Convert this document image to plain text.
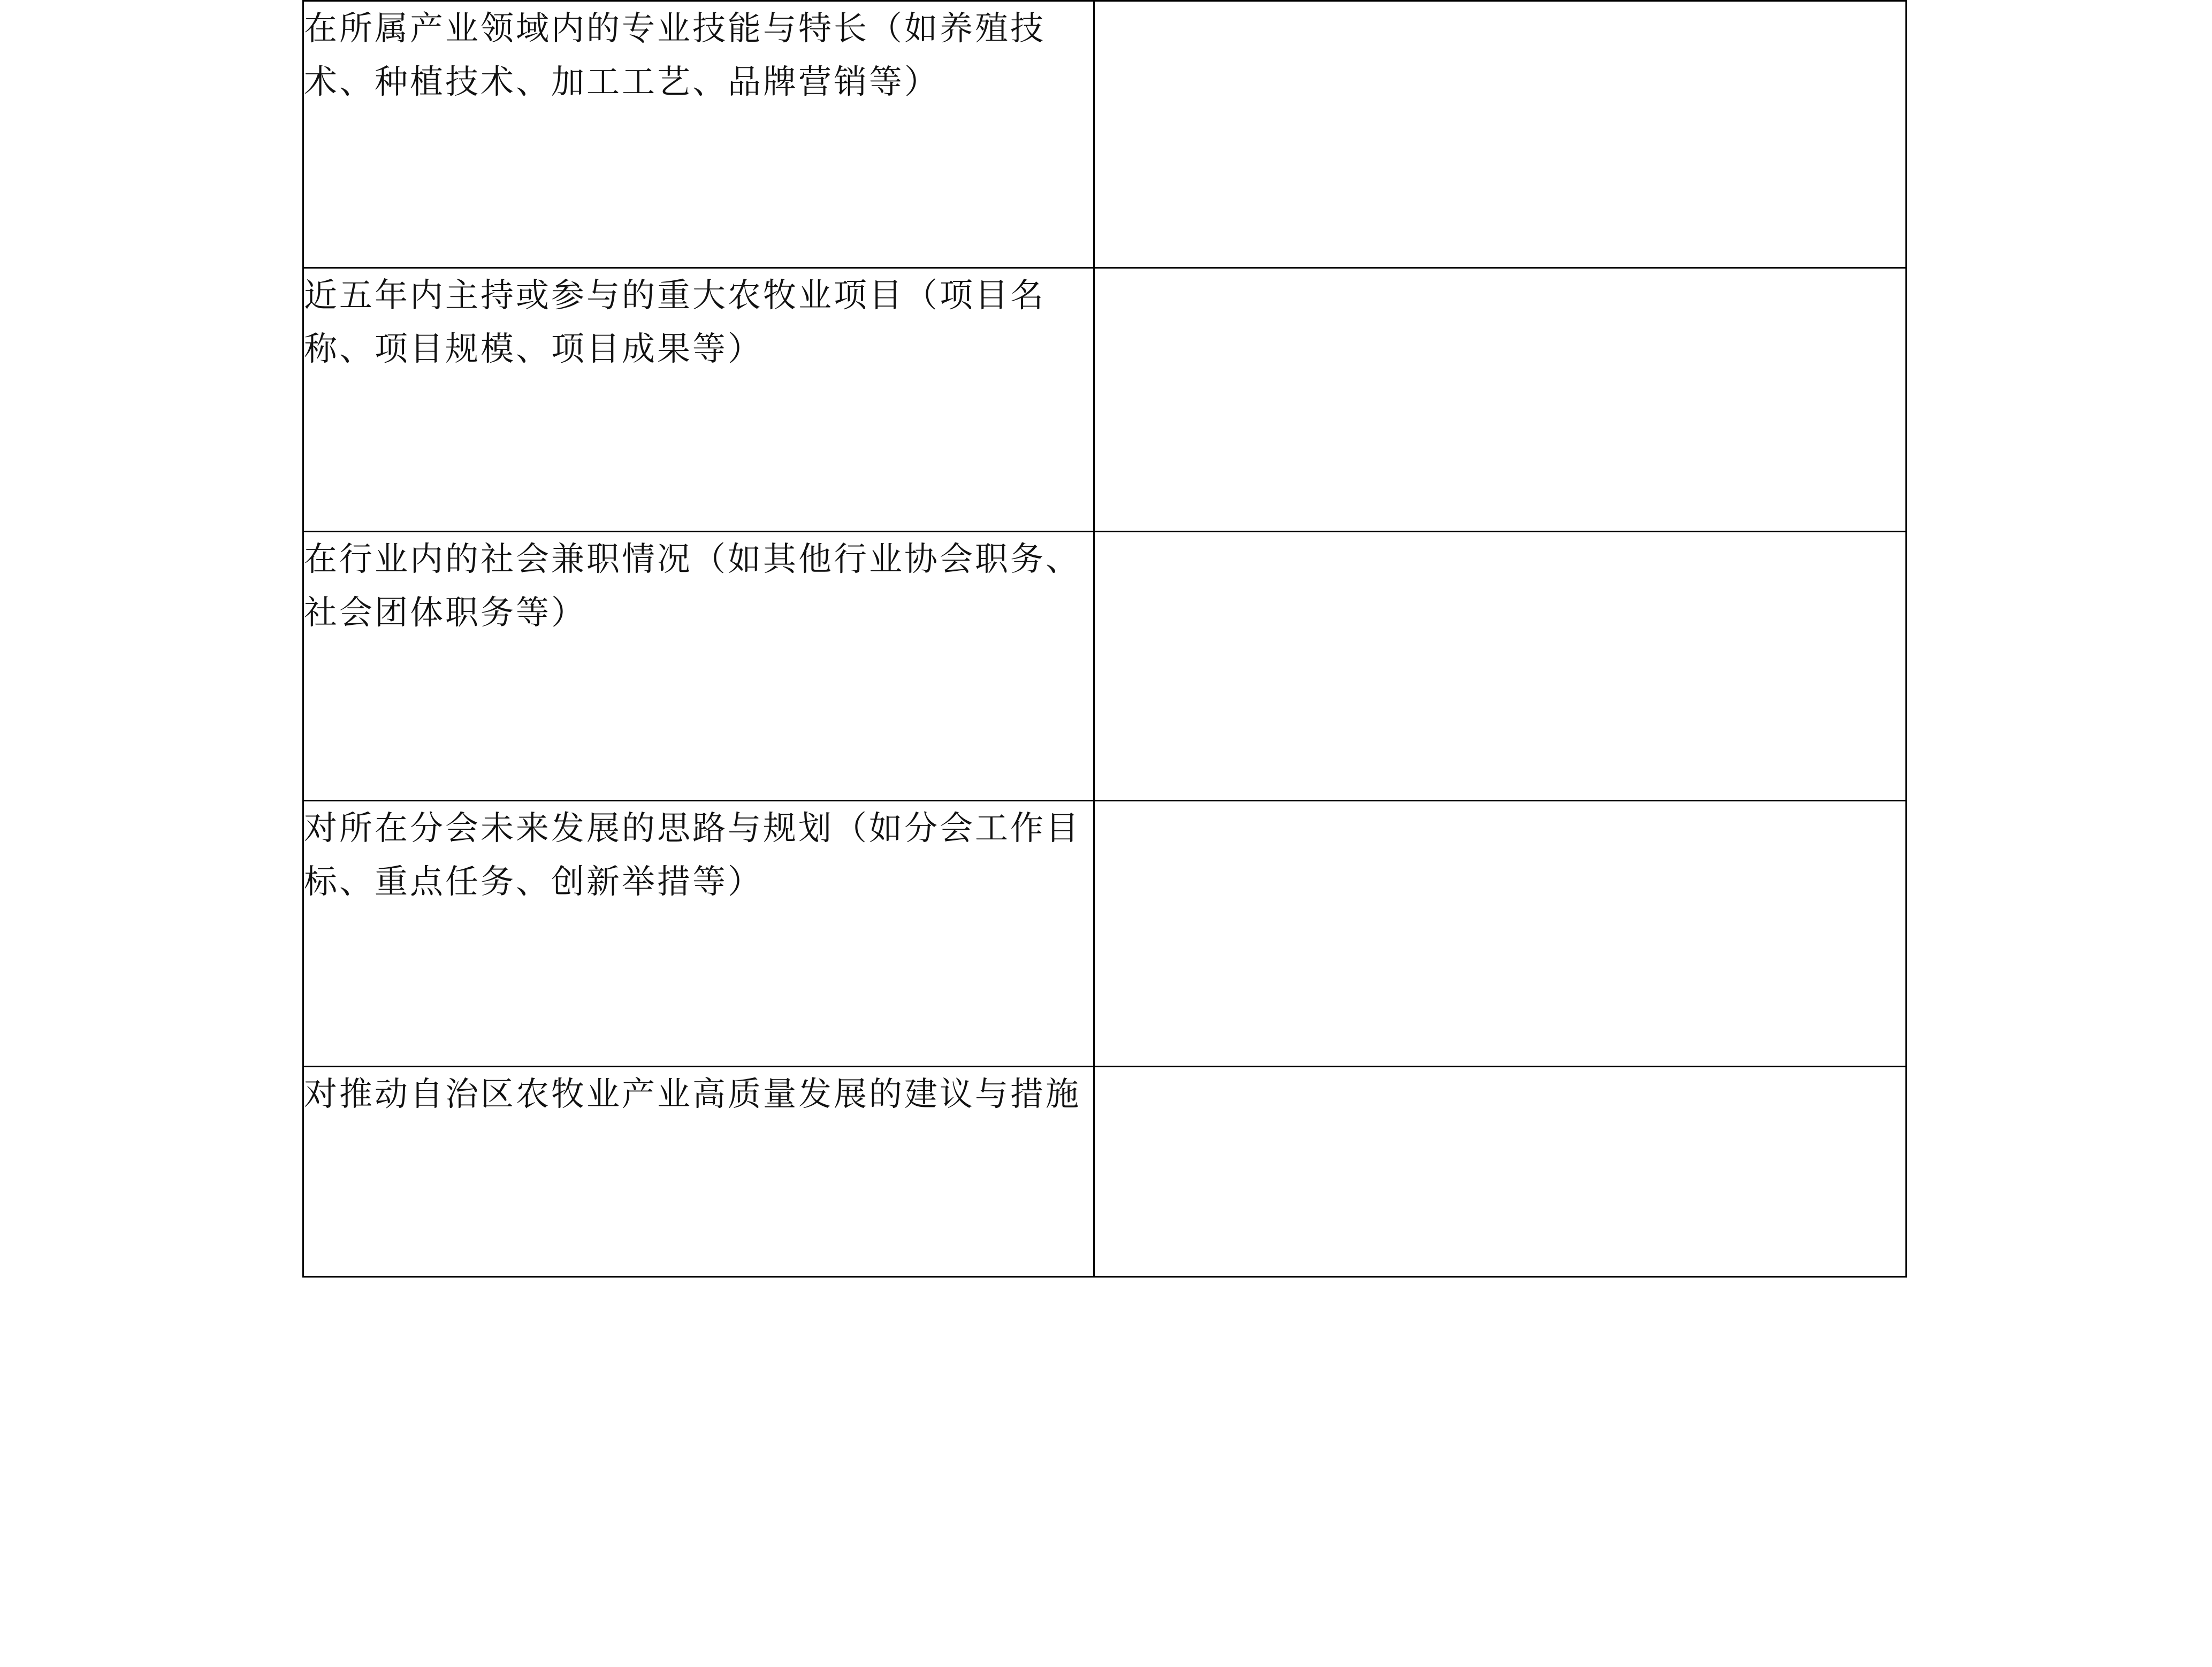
在所属产业领域内的专业技能与特长（如养殖技术、种植技术、加工工艺、品牌营销等）	

近五年内主持或参与的重大农牧业项目（项目名称、项目规模、项目成果等）	

在行业内的社会兼职情况（如其他行业协会职务、社会团体职务等）	

对所在分会未来发展的思路与规划（如分会工作目标、重点任务、创新举措等）	

对推动自治区农牧业产业高质量发展的建议与措施	
